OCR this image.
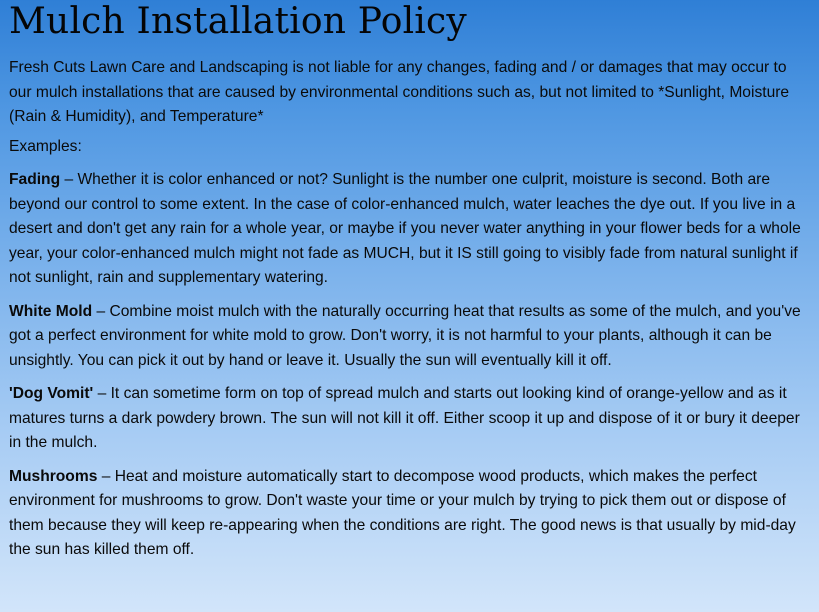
Mulch Installation Policy

Fresh Cuts Lawn Care and Landscaping is not liable for any changes, fading and / or damages that may occur to our mulch installations that are caused by environmental conditions such as, but not limited to *Sunlight, Moisture (Rain & Humidity), and Temperature*

Examples:

Fading – Whether it is color enhanced or not? Sunlight is the number one culprit, moisture is second. Both are beyond our control to some extent. In the case of color-enhanced mulch, water leaches the dye out. If you live in a desert and don't get any rain for a whole year, or maybe if you never water anything in your flower beds for a whole year, your color-enhanced mulch might not fade as MUCH, but it IS still going to visibly fade from natural sunlight if not sunlight, rain and supplementary watering.

White Mold – Combine moist mulch with the naturally occurring heat that results as some of the mulch, and you've got a perfect environment for white mold to grow. Don't worry, it is not harmful to your plants, although it can be unsightly. You can pick it out by hand or leave it. Usually the sun will eventually kill it off.

'Dog Vomit' – It can sometime form on top of spread mulch and starts out looking kind of orange-yellow and as it matures turns a dark powdery brown. The sun will not kill it off. Either scoop it up and dispose of it or bury it deeper in the mulch.

Mushrooms – Heat and moisture automatically start to decompose wood products, which makes the perfect environment for mushrooms to grow. Don't waste your time or your mulch by trying to pick them out or dispose of them because they will keep re-appearing when the conditions are right. The good news is that usually by mid-day the sun has killed them off.
